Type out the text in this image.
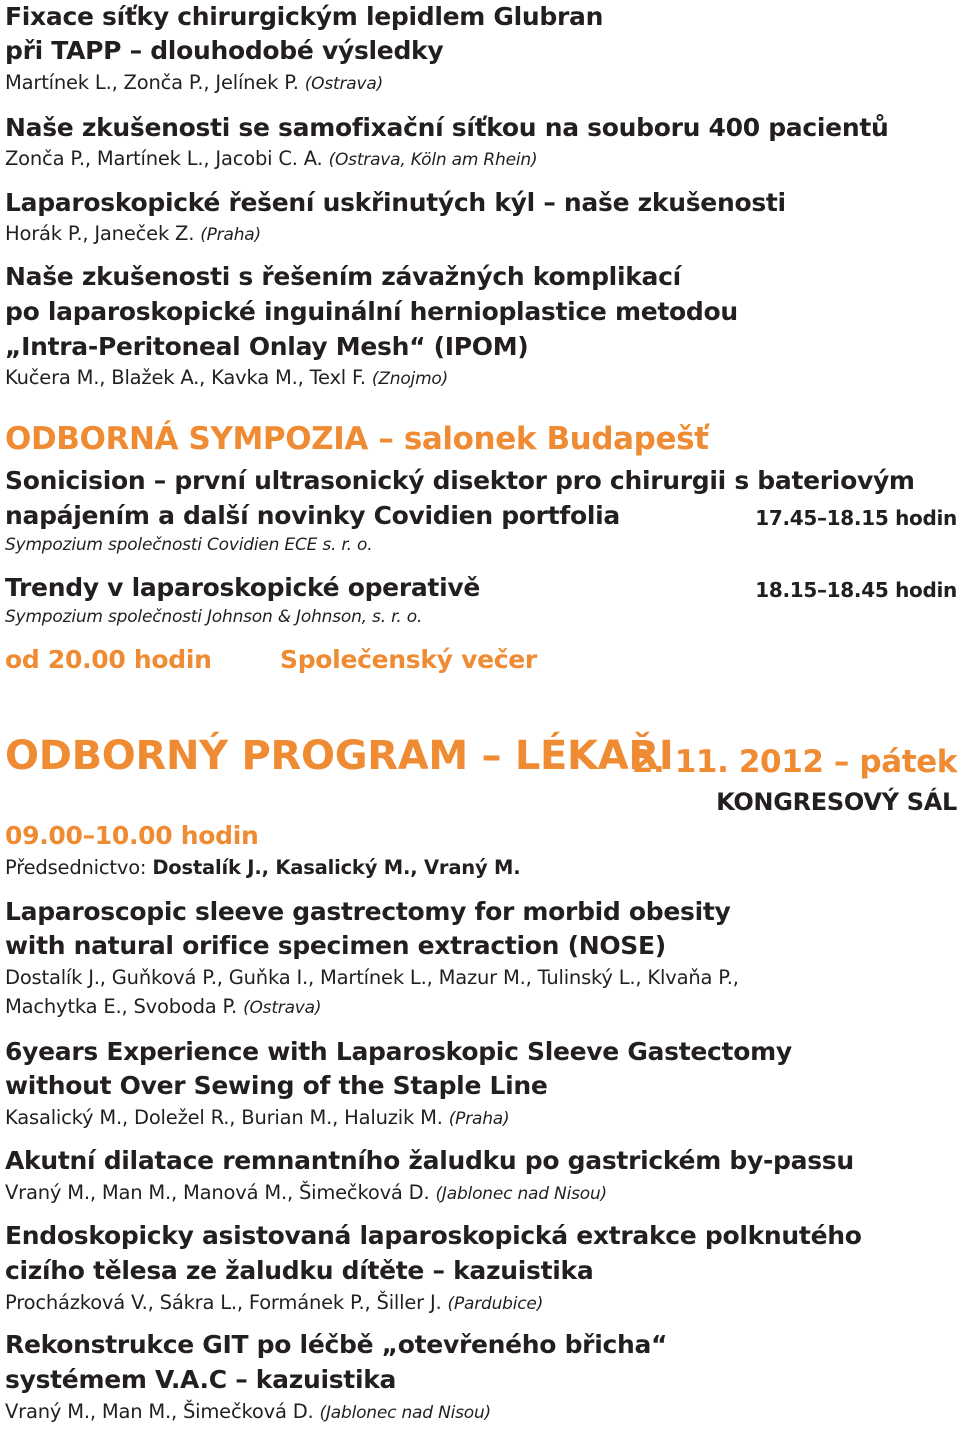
Fixace síťky chirurgickým lepidlem Glubran
při TAPP – dlouhodobé výsledky
Martínek L., Zonča P., Jelínek P. (Ostrava)
Naše zkušenosti se samofixační síťkou na souboru 400 pacientů
Zonča P., Martínek L., Jacobi C. A. (Ostrava, Köln am Rhein)
Laparoskopické řešení uskřinutých kýl – naše zkušenosti
Horák P., Janeček Z. (Praha)
Naše zkušenosti s řešením závažných komplikací
po laparoskopické inguinální hernioplastice metodou
„Intra-Peritoneal Onlay Mesh“ (IPOM)
Kučera M., Blažek A., Kavka M., Texl F. (Znojmo)
ODBORNÁ SYMPOZIA – salonek Budapešť
Sonicision – první ultrasonický disektor pro chirurgii s bateriovým
napájením a další novinky Covidien portfolia	17.45–18.15 hodin
Sympozium společnosti Covidien ECE s. r. o.
Trendy v laparoskopické operativě	18.15–18.45 hodin
Sympozium společnosti Johnson & Johnson, s. r. o.
od 20.00 hodin	Společenský večer
ODBORNÝ PROGRAM – LÉKAŘI
2. 11. 2012 – pátek
KONGRESOVÝ SÁL
09.00–10.00 hodin
Předsednictvo: Dostalík J., Kasalický M., Vraný M.
Laparoscopic sleeve gastrectomy for morbid obesity
with natural orifice specimen extraction (NOSE)
Dostalík J., Guňková P., Guňka I., Martínek L., Mazur M., Tulinský L., Klvaňa P.,
Machytka E., Svoboda P. (Ostrava)
6years Experience with Laparoskopic Sleeve Gastectomy
without Over Sewing of the Staple Line
Kasalický M., Doležel R., Burian M., Haluzik M. (Praha)
Akutní dilatace remnantního žaludku po gastrickém by-passu
Vraný M., Man M., Manová M., Šimečková D. (Jablonec nad Nisou)
Endoskopicky asistovaná laparoskopická extrakce polknutého
cizího tělesa ze žaludku dítěte – kazuistika
Procházková V., Sákra L., Formánek P., Šiller J. (Pardubice)
Rekonstrukce GIT po léčbě „otevřeného břicha“
systémem V.A.C – kazuistika
Vraný M., Man M., Šimečková D. (Jablonec nad Nisou)
